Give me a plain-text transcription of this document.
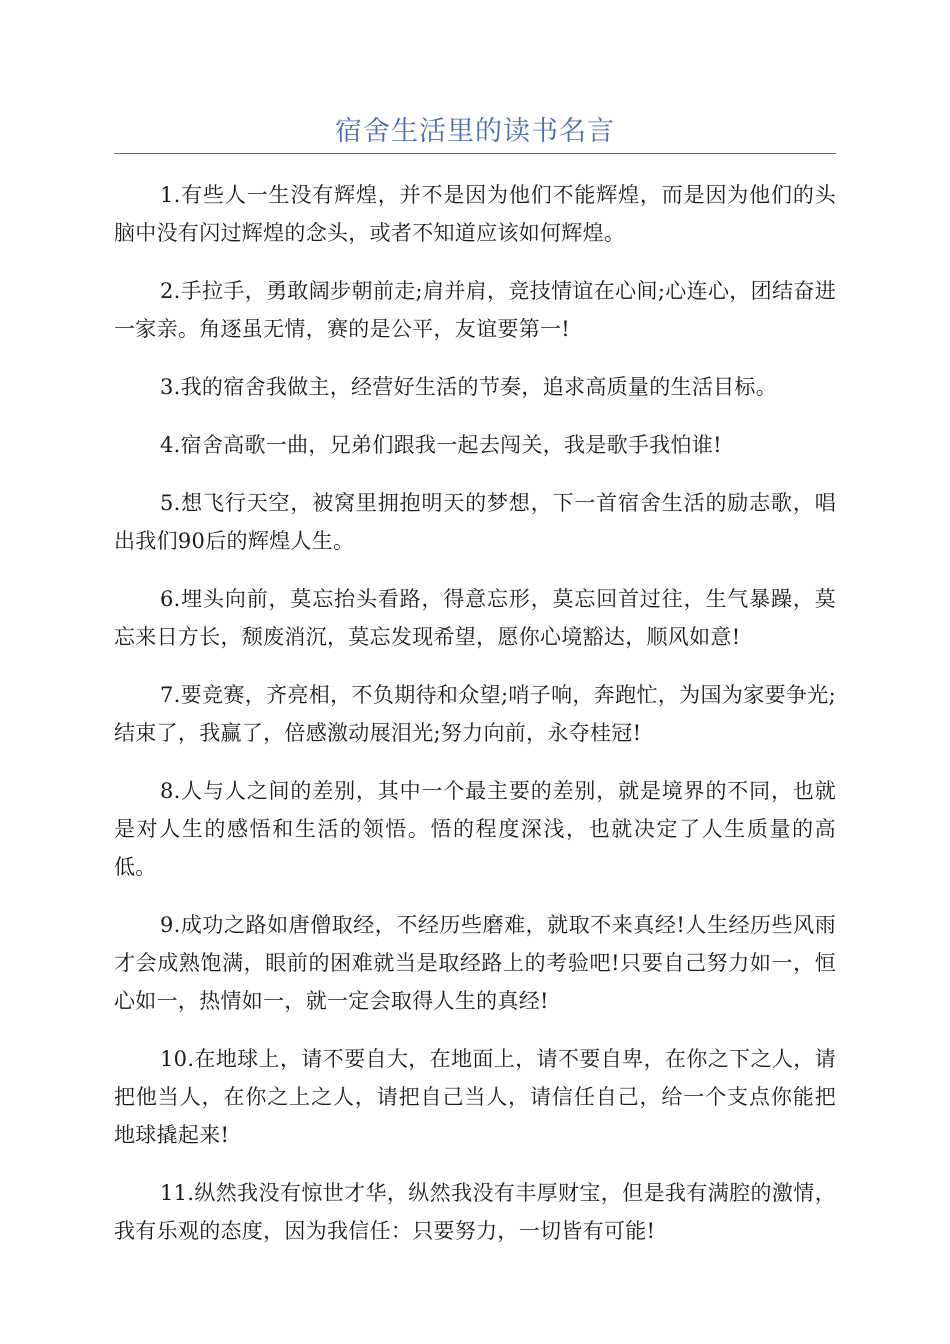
宿舍生活里的读书名言

1.有些人一生没有辉煌，并不是因为他们不能辉煌，而是因为他们的头脑中没有闪过辉煌的念头，或者不知道应该如何辉煌。

2.手拉手，勇敢阔步朝前走;肩并肩，竞技情谊在心间;心连心，团结奋进一家亲。角逐虽无情，赛的是公平，友谊要第一!

3.我的宿舍我做主，经营好生活的节奏，追求高质量的生活目标。

4.宿舍高歌一曲，兄弟们跟我一起去闯关，我是歌手我怕谁!

5.想飞行天空，被窝里拥抱明天的梦想，下一首宿舍生活的励志歌，唱出我们90后的辉煌人生。

6.埋头向前，莫忘抬头看路，得意忘形，莫忘回首过往，生气暴躁，莫忘来日方长，颓废消沉，莫忘发现希望，愿你心境豁达，顺风如意!

7.要竞赛，齐亮相，不负期待和众望;哨子响，奔跑忙，为国为家要争光;结束了，我赢了，倍感激动展泪光;努力向前，永夺桂冠!

8.人与人之间的差别，其中一个最主要的差别，就是境界的不同，也就是对人生的感悟和生活的领悟。悟的程度深浅，也就决定了人生质量的高低。

9.成功之路如唐僧取经，不经历些磨难，就取不来真经!人生经历些风雨才会成熟饱满，眼前的困难就当是取经路上的考验吧!只要自己努力如一，恒心如一，热情如一，就一定会取得人生的真经!

10.在地球上，请不要自大，在地面上，请不要自卑，在你之下之人，请把他当人，在你之上之人，请把自己当人，请信任自己，给一个支点你能把地球撬起来!

11.纵然我没有惊世才华，纵然我没有丰厚财宝，但是我有满腔的激情，我有乐观的态度，因为我信任：只要努力，一切皆有可能!
